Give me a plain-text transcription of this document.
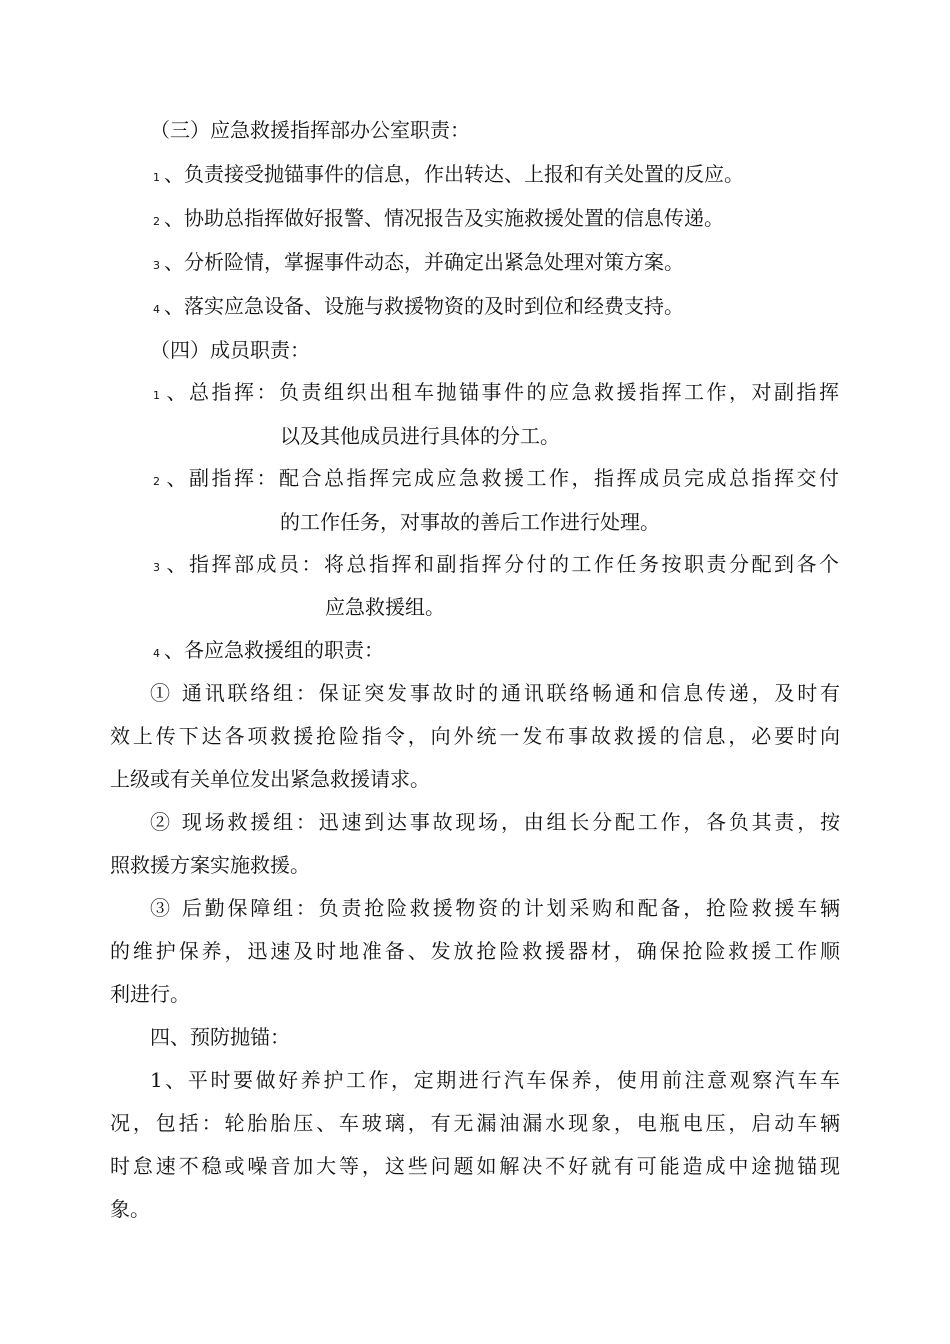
（三）应急救援指挥部办公室职责：
1 、负责接受抛锚事件的信息，作出转达、上报和有关处置的反应。
2 、协助总指挥做好报警、情况报告及实施救援处置的信息传递。
3 、分析险情，掌握事件动态，并确定出紧急处理对策方案。
4 、落实应急设备、设施与救援物资的及时到位和经费支持。
（四）成员职责：
1 、总指挥：负责组织出租车抛锚事件的应急救援指挥工作，对副指挥
以及其他成员进行具体的分工。
2 、副指挥：配合总指挥完成应急救援工作，指挥成员完成总指挥交付
的工作任务，对事故的善后工作进行处理。
3 、指挥部成员：将总指挥和副指挥分付的工作任务按职责分配到各个
应急救援组。
4 、各应急救援组的职责：
① 通讯联络组：保证突发事故时的通讯联络畅通和信息传递，及时有
效上传下达各项救援抢险指令，向外统一发布事故救援的信息，必要时向
上级或有关单位发出紧急救援请求。
② 现场救援组：迅速到达事故现场，由组长分配工作，各负其责，按
照救援方案实施救援。
③ 后勤保障组：负责抢险救援物资的计划采购和配备，抢险救援车辆
的维护保养，迅速及时地准备、发放抢险救援器材，确保抢险救援工作顺
利进行。
四、预防抛锚：
1、平时要做好养护工作，定期进行汽车保养，使用前注意观察汽车车
况，包括：轮胎胎压、车玻璃，有无漏油漏水现象，电瓶电压，启动车辆
时怠速不稳或噪音加大等，这些问题如解决不好就有可能造成中途抛锚现
象。
